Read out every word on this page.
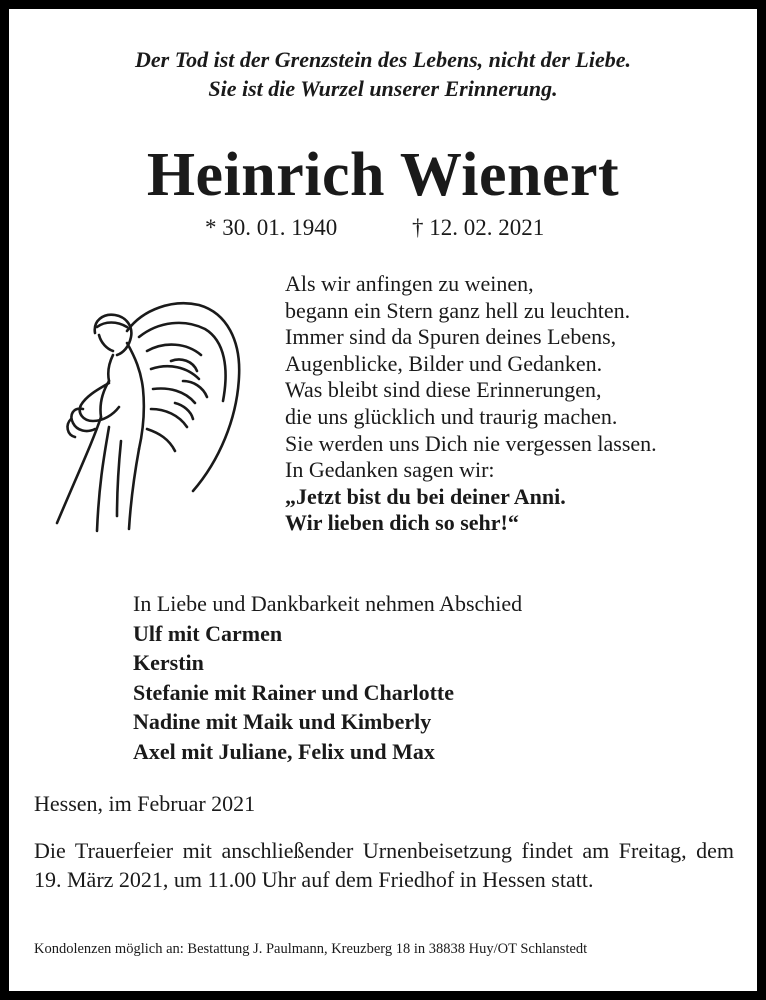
Der Tod ist der Grenzstein des Lebens, nicht der Liebe.
Sie ist die Wurzel unserer Erinnerung.
Heinrich Wienert
* 30. 01. 1940	† 12. 02. 2021
Als wir anfingen zu weinen,
begann ein Stern ganz hell zu leuchten.
Immer sind da Spuren deines Lebens,
Augenblicke, Bilder und Gedanken.
Was bleibt sind diese Erinnerungen,
die uns glücklich und traurig machen.
Sie werden uns Dich nie vergessen lassen.
In Gedanken sagen wir:
„Jetzt bist du bei deiner Anni.
Wir lieben dich so sehr!“
In Liebe und Dankbarkeit nehmen Abschied
Ulf mit Carmen
Kerstin
Stefanie mit Rainer und Charlotte
Nadine mit Maik und Kimberly
Axel mit Juliane, Felix und Max
Hessen, im Februar 2021
Die Trauerfeier mit anschließender Urnenbeisetzung findet am Freitag, dem 19. März 2021, um 11.00 Uhr auf dem Friedhof in Hessen statt.
Kondolenzen möglich an: Bestattung J. Paulmann, Kreuzberg 18 in 38838 Huy/OT Schlanstedt
